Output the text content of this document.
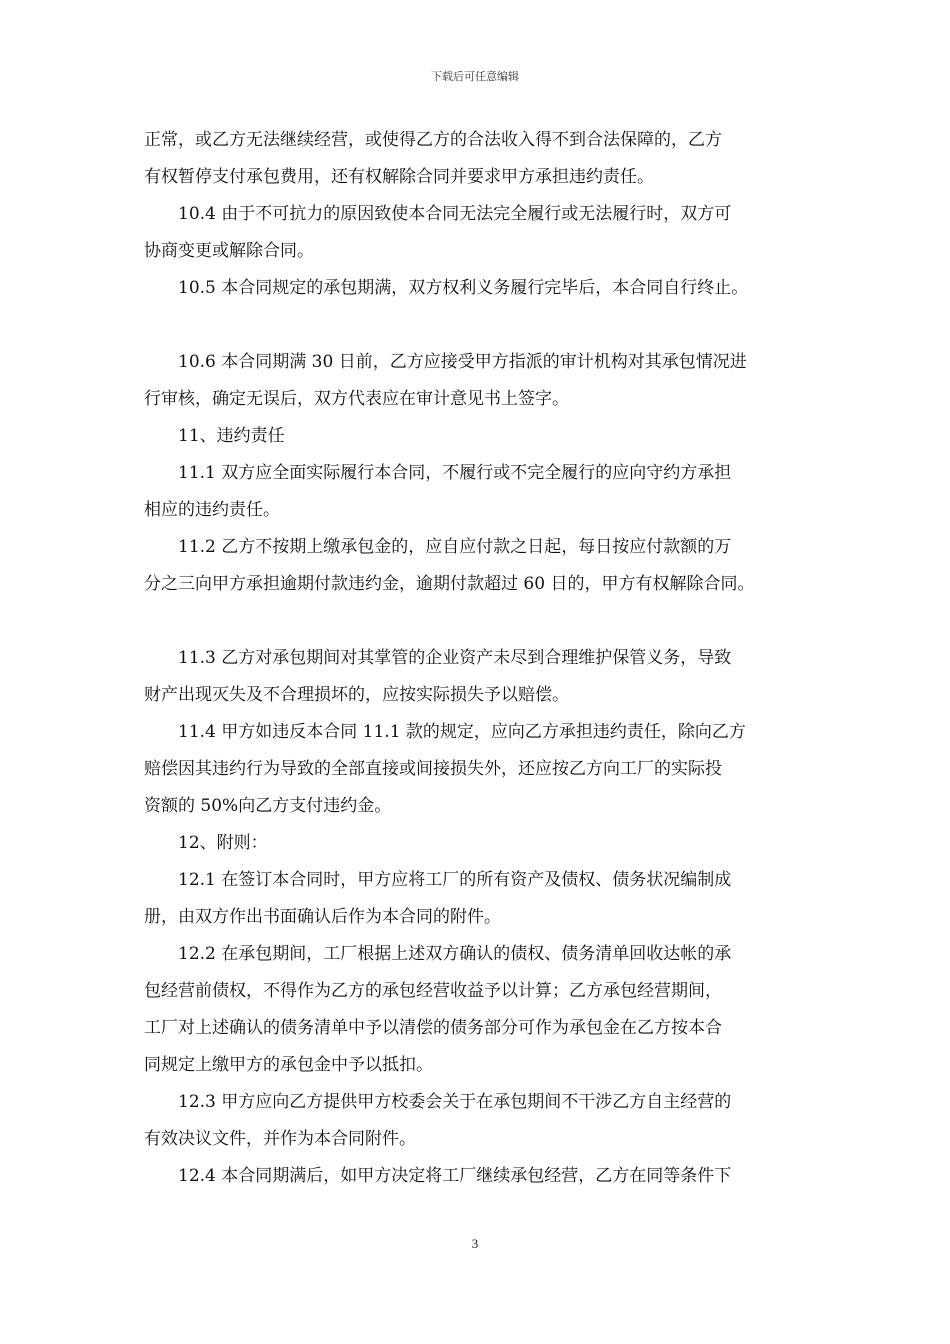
下载后可任意编辑
正常，或乙方无法继续经营，或使得乙方的合法收入得不到合法保障的，乙方
有权暂停支付承包费用，还有权解除合同并要求甲方承担违约责任。
10.4 由于不可抗力的原因致使本合同无法完全履行或无法履行时，双方可
协商变更或解除合同。
10.5 本合同规定的承包期满，双方权利义务履行完毕后，本合同自行终止。
10.6 本合同期满 30 日前，乙方应接受甲方指派的审计机构对其承包情况进
行审核，确定无误后，双方代表应在审计意见书上签字。
11、违约责任
11.1 双方应全面实际履行本合同，不履行或不完全履行的应向守约方承担
相应的违约责任。
11.2 乙方不按期上缴承包金的，应自应付款之日起，每日按应付款额的万
分之三向甲方承担逾期付款违约金，逾期付款超过 60 日的，甲方有权解除合同。
11.3 乙方对承包期间对其掌管的企业资产未尽到合理维护保管义务，导致
财产出现灭失及不合理损坏的，应按实际损失予以赔偿。
11.4 甲方如违反本合同 11.1 款的规定，应向乙方承担违约责任，除向乙方
赔偿因其违约行为导致的全部直接或间接损失外，还应按乙方向工厂的实际投
资额的 50%向乙方支付违约金。
12、附则：
12.1 在签订本合同时，甲方应将工厂的所有资产及债权、债务状况编制成
册，由双方作出书面确认后作为本合同的附件。
12.2 在承包期间，工厂根据上述双方确认的债权、债务清单回收达帐的承
包经营前债权，不得作为乙方的承包经营收益予以计算；乙方承包经营期间，
工厂对上述确认的债务清单中予以清偿的债务部分可作为承包金在乙方按本合
同规定上缴甲方的承包金中予以抵扣。
12.3 甲方应向乙方提供甲方校委会关于在承包期间不干涉乙方自主经营的
有效决议文件，并作为本合同附件。
12.4 本合同期满后，如甲方决定将工厂继续承包经营，乙方在同等条件下
3
